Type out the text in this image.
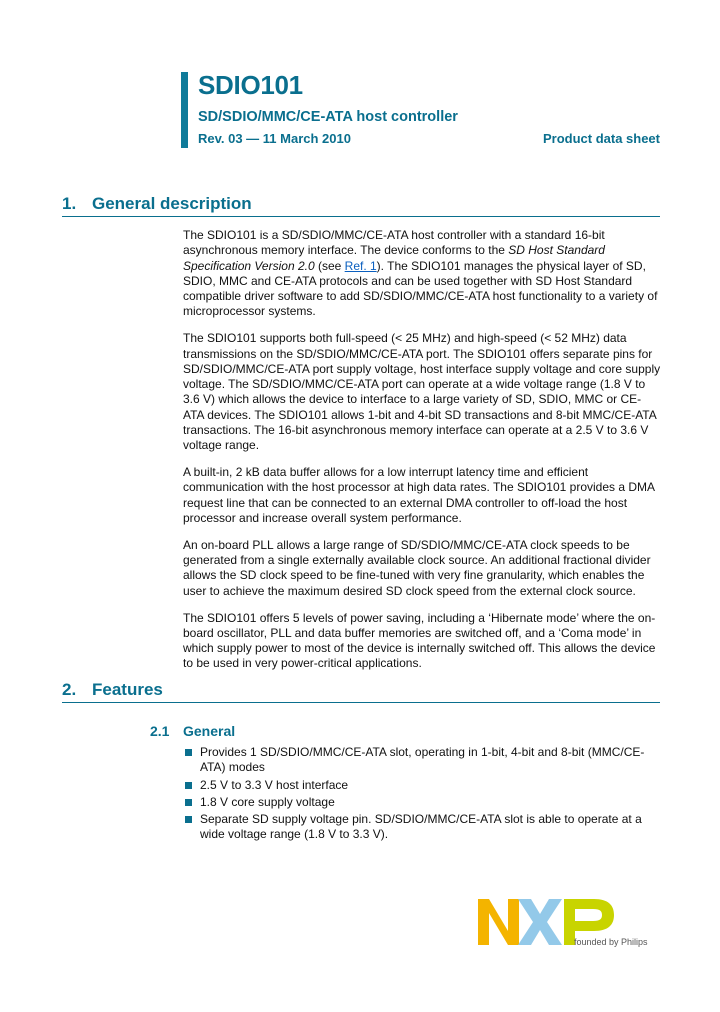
SDIO101
SD/SDIO/MMC/CE-ATA host controller
Rev. 03 — 11 March 2010	Product data sheet
1. General description

The SDIO101 is a SD/SDIO/MMC/CE-ATA host controller with a standard 16-bit asynchronous memory interface. The device conforms to the SD Host Standard Specification Version 2.0 (see Ref. 1). The SDIO101 manages the physical layer of SD, SDIO, MMC and CE-ATA protocols and can be used together with SD Host Standard compatible driver software to add SD/SDIO/MMC/CE-ATA host functionality to a variety of microprocessor systems.

The SDIO101 supports both full-speed (< 25 MHz) and high-speed (< 52 MHz) data transmissions on the SD/SDIO/MMC/CE-ATA port. The SDIO101 offers separate pins for SD/SDIO/MMC/CE-ATA port supply voltage, host interface supply voltage and core supply voltage. The SD/SDIO/MMC/CE-ATA port can operate at a wide voltage range (1.8 V to 3.6 V) which allows the device to interface to a large variety of SD, SDIO, MMC or CE-ATA devices. The SDIO101 allows 1-bit and 4-bit SD transactions and 8-bit MMC/CE-ATA transactions. The 16-bit asynchronous memory interface can operate at a 2.5 V to 3.6 V voltage range.

A built-in, 2 kB data buffer allows for a low interrupt latency time and efficient communication with the host processor at high data rates. The SDIO101 provides a DMA request line that can be connected to an external DMA controller to off-load the host processor and increase overall system performance.

An on-board PLL allows a large range of SD/SDIO/MMC/CE-ATA clock speeds to be generated from a single externally available clock source. An additional fractional divider allows the SD clock speed to be fine-tuned with very fine granularity, which enables the user to achieve the maximum desired SD clock speed from the external clock source.

The SDIO101 offers 5 levels of power saving, including a ‘Hibernate mode’ where the on-board oscillator, PLL and data buffer memories are switched off, and a ‘Coma mode’ in which supply power to most of the device is internally switched off. This allows the device to be used in very power-critical applications.

2. Features
2.1 General
Provides 1 SD/SDIO/MMC/CE-ATA slot, operating in 1-bit, 4-bit and 8-bit (MMC/CE-ATA) modes
2.5 V to 3.3 V host interface
1.8 V core supply voltage
Separate SD supply voltage pin. SD/SDIO/MMC/CE-ATA slot is able to operate at a wide voltage range (1.8 V to 3.3 V).
founded by Philips
